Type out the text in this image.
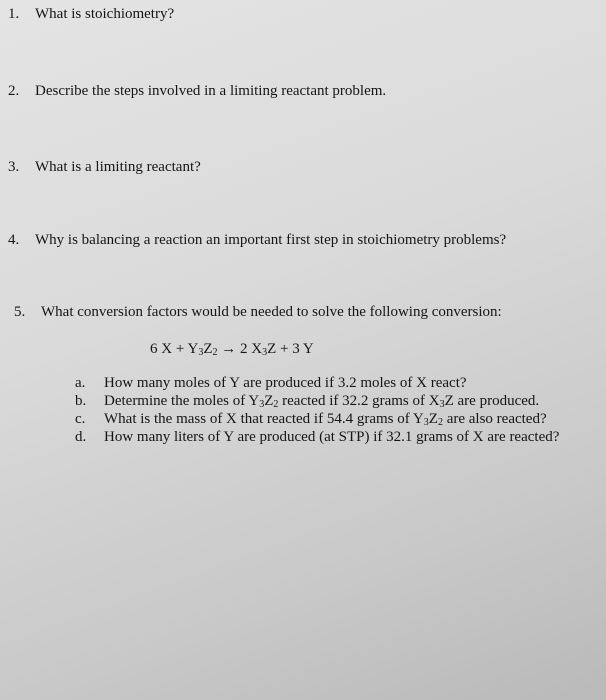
1. What is stoichiometry?
2. Describe the steps involved in a limiting reactant problem.
3. What is a limiting reactant?
4. Why is balancing a reaction an important first step in stoichiometry problems?
5. What conversion factors would be needed to solve the following conversion:
6 $X + Y_3Z_2 \to 2$ $X_3Z + 3$ Y
a. How many moles of Y are produced if 3.2 moles of X react?
b. Determine the moles of $Y_3Z_2$ reacted if 32.2 grams of $X_3Z$ are produced.
c. What is the mass of X that reacted if 54.4 grams of $Y_3Z_2$ are also reacted?
d. How many liters of Y are produced (at STP) if 32.1 grams of X are reacted?
